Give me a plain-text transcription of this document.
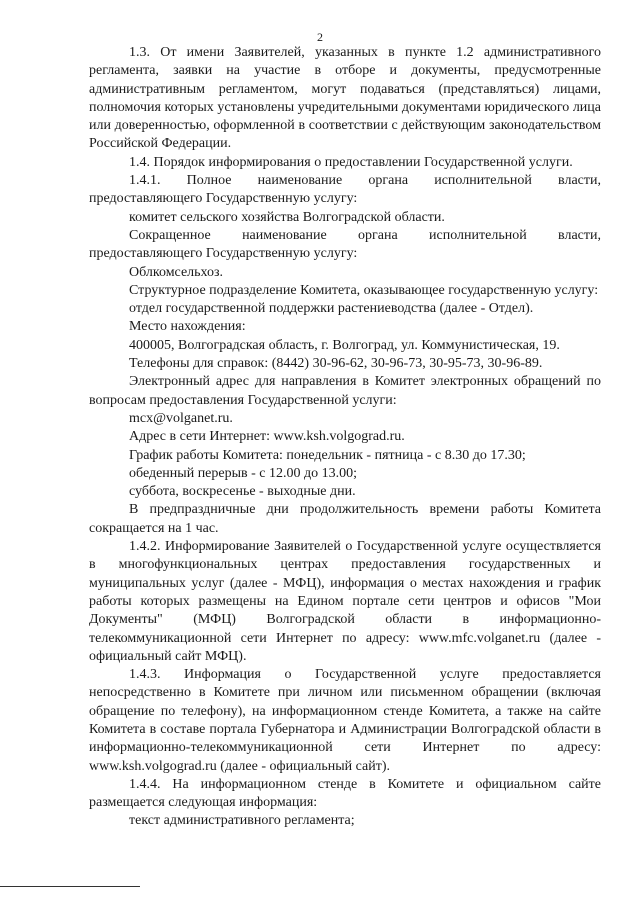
2

1.3. От имени Заявителей, указанных в пункте 1.2 административного регламента, заявки на участие в отборе и документы, предусмотренные административным регламентом, могут подаваться (представляться) лицами, полномочия которых установлены учредительными документами юридического лица или доверенностью, оформленной в соответствии с действующим законодательством Российской Федерации.

1.4. Порядок информирования о предоставлении Государственной услуги.

1.4.1. Полное наименование органа исполнительной власти, предоставляющего Государственную услугу:

комитет сельского хозяйства Волгоградской области.

Сокращенное наименование органа исполнительной власти, предоставляющего Государственную услугу:

Облкомсельхоз.

Структурное подразделение Комитета, оказывающее государственную услугу:

отдел государственной поддержки растениеводства (далее - Отдел).

Место нахождения:

400005, Волгоградская область, г. Волгоград, ул. Коммунистическая, 19.

Телефоны для справок: (8442) 30-96-62, 30-96-73, 30-95-73, 30-96-89.

Электронный адрес для направления в Комитет электронных обращений по вопросам предоставления Государственной услуги:

mcx@volganet.ru.

Адрес в сети Интернет: www.ksh.volgograd.ru.

График работы Комитета: понедельник - пятница - с 8.30 до 17.30;

обеденный перерыв - с 12.00 до 13.00;

суббота, воскресенье - выходные дни.

В предпраздничные дни продолжительность времени работы Комитета сокращается на 1 час.

1.4.2. Информирование Заявителей о Государственной услуге осуществляется в многофункциональных центрах предоставления государственных и муниципальных услуг (далее - МФЦ), информация о местах нахождения и график работы которых размещены на Едином портале сети центров и офисов "Мои Документы" (МФЦ) Волгоградской области в информационно-телекоммуникационной сети Интернет по адресу: www.mfc.volganet.ru (далее - официальный сайт МФЦ).

1.4.3. Информация о Государственной услуге предоставляется непосредственно в Комитете при личном или письменном обращении (включая обращение по телефону), на информационном стенде Комитета, а также на сайте Комитета в составе портала Губернатора и Администрации Волгоградской области в информационно-телекоммуникационной сети Интернет по адресу: www.ksh.volgograd.ru (далее - официальный сайт).

1.4.4. На информационном стенде в Комитете и официальном сайте размещается следующая информация:

текст административного регламента;
